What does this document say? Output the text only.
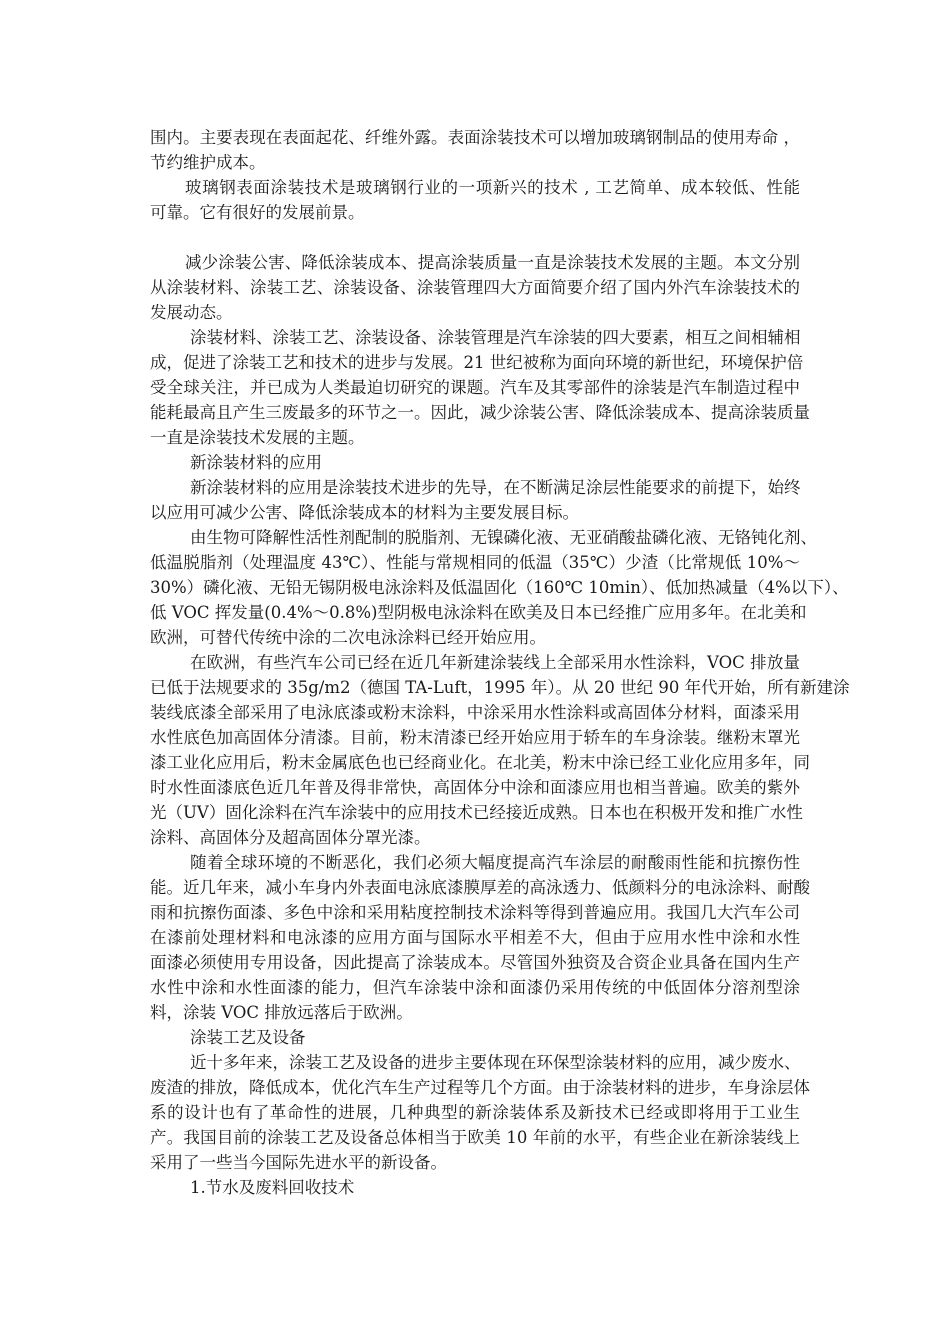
围内。主要表现在表面起花、纤维外露。表面涂装技术可以增加玻璃钢制品的使用寿命 ，
节约维护成本。
玻璃钢表面涂装技术是玻璃钢行业的一项新兴的技术 , 工艺简单、成本较低、性能
可靠。它有很好的发展前景。
减少涂装公害、降低涂装成本、提高涂装质量一直是涂装技术发展的主题。本文分别
从涂装材料、涂装工艺、涂装设备、涂装管理四大方面简要介绍了国内外汽车涂装技术的
发展动态。
涂装材料、涂装工艺、涂装设备、涂装管理是汽车涂装的四大要素，相互之间相辅相
成，促进了涂装工艺和技术的进步与发展。21 世纪被称为面向环境的新世纪，环境保护倍
受全球关注，并已成为人类最迫切研究的课题。汽车及其零部件的涂装是汽车制造过程中
能耗最高且产生三废最多的环节之一。因此，减少涂装公害、降低涂装成本、提高涂装质量
一直是涂装技术发展的主题。
新涂装材料的应用
新涂装材料的应用是涂装技术进步的先导，在不断满足涂层性能要求的前提下，始终
以应用可减少公害、降低涂装成本的材料为主要发展目标。
由生物可降解性活性剂配制的脱脂剂、无镍磷化液、无亚硝酸盐磷化液、无铬钝化剂、
低温脱脂剂（处理温度 43℃）、性能与常规相同的低温（35℃）少渣（比常规低 10%～
30%）磷化液、无铅无锡阴极电泳涂料及低温固化（160℃ 10min）、低加热减量（4%以下）、
低 VOC 挥发量(0.4%～0.8%)型阴极电泳涂料在欧美及日本已经推广应用多年。在北美和
欧洲，可替代传统中涂的二次电泳涂料已经开始应用。
在欧洲，有些汽车公司已经在近几年新建涂装线上全部采用水性涂料，VOC 排放量
已低于法规要求的 35g/m2（德国 TA-Luft，1995 年）。从 20 世纪 90 年代开始，所有新建涂
装线底漆全部采用了电泳底漆或粉末涂料，中涂采用水性涂料或高固体分材料，面漆采用
水性底色加高固体分清漆。目前，粉末清漆已经开始应用于轿车的车身涂装。继粉末罩光
漆工业化应用后，粉末金属底色也已经商业化。在北美，粉末中涂已经工业化应用多年，同
时水性面漆底色近几年普及得非常快，高固体分中涂和面漆应用也相当普遍。欧美的紫外
光（UV）固化涂料在汽车涂装中的应用技术已经接近成熟。日本也在积极开发和推广水性
涂料、高固体分及超高固体分罩光漆。
随着全球环境的不断恶化，我们必须大幅度提高汽车涂层的耐酸雨性能和抗擦伤性
能。近几年来，减小车身内外表面电泳底漆膜厚差的高泳透力、低颜料分的电泳涂料、耐酸
雨和抗擦伤面漆、多色中涂和采用粘度控制技术涂料等得到普遍应用。我国几大汽车公司
在漆前处理材料和电泳漆的应用方面与国际水平相差不大，但由于应用水性中涂和水性
面漆必须使用专用设备，因此提高了涂装成本。尽管国外独资及合资企业具备在国内生产
水性中涂和水性面漆的能力，但汽车涂装中涂和面漆仍采用传统的中低固体分溶剂型涂
料，涂装 VOC 排放远落后于欧洲。
涂装工艺及设备
近十多年来，涂装工艺及设备的进步主要体现在环保型涂装材料的应用，减少废水、
废渣的排放，降低成本，优化汽车生产过程等几个方面。由于涂装材料的进步，车身涂层体
系的设计也有了革命性的进展，几种典型的新涂装体系及新技术已经或即将用于工业生
产。我国目前的涂装工艺及设备总体相当于欧美 10 年前的水平，有些企业在新涂装线上
采用了一些当今国际先进水平的新设备。
1.节水及废料回收技术
